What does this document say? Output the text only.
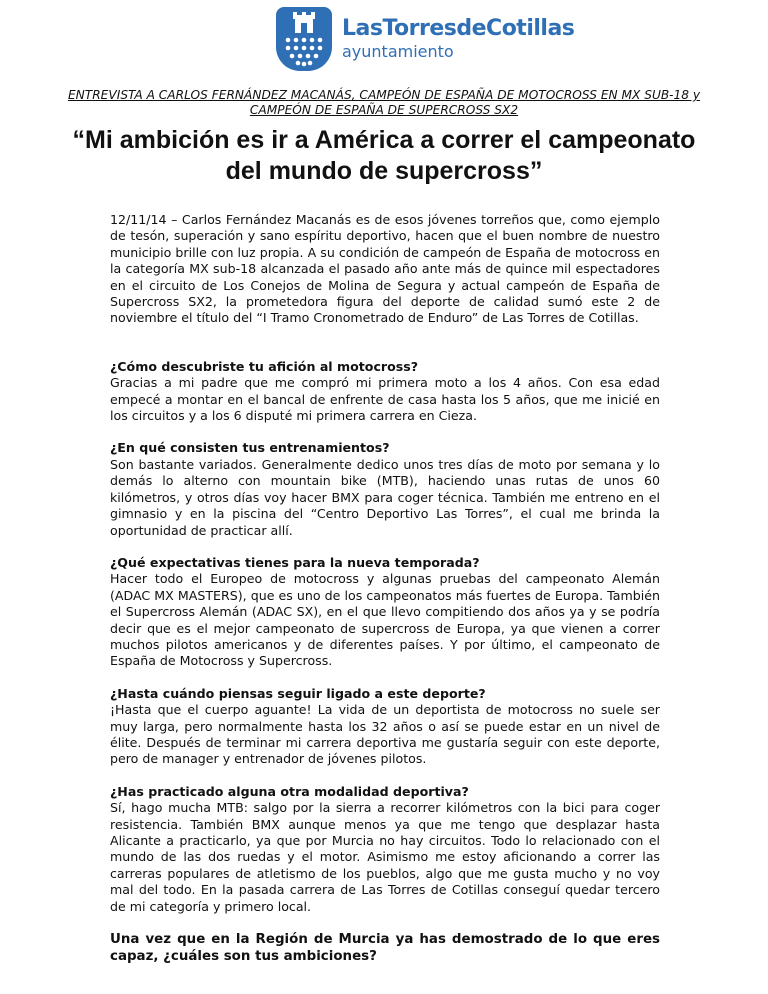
LasTorresdeCotillas
ayuntamiento
ENTREVISTA A CARLOS FERNÁNDEZ MACANÁS, CAMPEÓN DE ESPAÑA DE MOTOCROSS EN MX SUB-18 y CAMPEÓN DE ESPAÑA DE SUPERCROSS SX2
“Mi ambición es ir a América a correr el campeonato del mundo de supercross”

12/11/14 – Carlos Fernández Macanás es de esos jóvenes torreños que, como ejemplo de tesón, superación y sano espíritu deportivo, hacen que el buen nombre de nuestro municipio brille con luz propia. A su condición de campeón de España de motocross en la categoría MX sub-18 alcanzada el pasado año ante más de quince mil espectadores en el circuito de Los Conejos de Molina de Segura y actual campeón de España de Supercross SX2, la prometedora figura del deporte de calidad sumó este 2 de noviembre el título del “I Tramo Cronometrado de Enduro” de Las Torres de Cotillas.

¿Cómo descubriste tu afición al motocross?

Gracias a mi padre que me compró mi primera moto a los 4 años. Con esa edad empecé a montar en el bancal de enfrente de casa hasta los 5 años, que me inicié en los circuitos y a los 6 disputé mi primera carrera en Cieza.

¿En qué consisten tus entrenamientos?

Son bastante variados. Generalmente dedico unos tres días de moto por semana y lo demás lo alterno con mountain bike (MTB), haciendo unas rutas de unos 60 kilómetros, y otros días voy hacer BMX para coger técnica. También me entreno en el gimnasio y en la piscina del “Centro Deportivo Las Torres”, el cual me brinda la oportunidad de practicar allí.

¿Qué expectativas tienes para la nueva temporada?

Hacer todo el Europeo de motocross y algunas pruebas del campeonato Alemán (ADAC MX MASTERS), que es uno de los campeonatos más fuertes de Europa. También el Supercross Alemán (ADAC SX), en el que llevo compitiendo dos años ya y se podría decir que es el mejor campeonato de supercross de Europa, ya que vienen a correr muchos pilotos americanos y de diferentes países. Y por último, el campeonato de España de Motocross y Supercross.

¿Hasta cuándo piensas seguir ligado a este deporte?

¡Hasta que el cuerpo aguante! La vida de un deportista de motocross no suele ser muy larga, pero normalmente hasta los 32 años o así se puede estar en un nivel de élite. Después de terminar mi carrera deportiva me gustaría seguir con este deporte, pero de manager y entrenador de jóvenes pilotos.

¿Has practicado alguna otra modalidad deportiva?

Sí, hago mucha MTB: salgo por la sierra a recorrer kilómetros con la bici para coger resistencia. También BMX aunque menos ya que me tengo que desplazar hasta Alicante a practicarlo, ya que por Murcia no hay circuitos. Todo lo relacionado con el mundo de las dos ruedas y el motor. Asimismo me estoy aficionando a correr las carreras populares de atletismo de los pueblos, algo que me gusta mucho y no voy mal del todo. En la pasada carrera de Las Torres de Cotillas conseguí quedar tercero de mi categoría y primero local.

Una vez que en la Región de Murcia ya has demostrado de lo que eres capaz, ¿cuáles son tus ambiciones?
